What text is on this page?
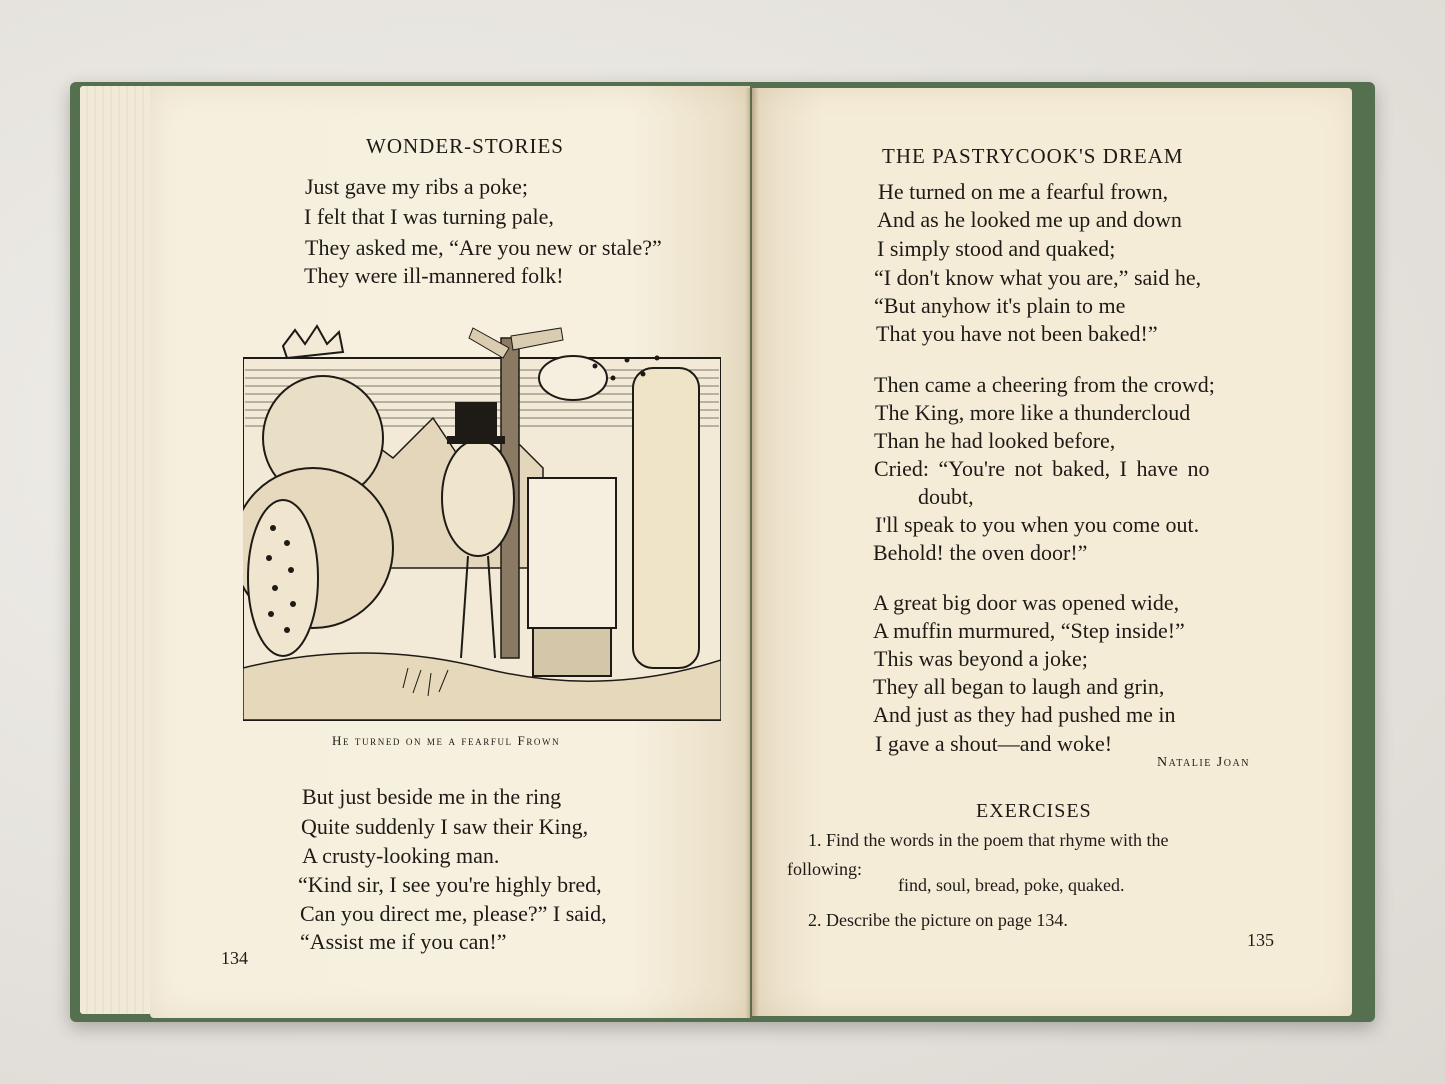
WONDER-STORIES
Just gave my ribs a poke;
I felt that I was turning pale,
They asked me, “Are you new or stale?”
They were ill-mannered folk!
He turned on me a fearful Frown
But just beside me in the ring
Quite suddenly I saw their King,
A crusty-looking man.
“Kind sir, I see you're highly bred,
Can you direct me, please?” I said,
“Assist me if you can!”
134
THE PASTRYCOOK'S DREAM
He turned on me a fearful frown,
And as he looked me up and down
I simply stood and quaked;
“I don't know what you are,” said he,
“But anyhow it's plain to me
That you have not been baked!”
Then came a cheering from the crowd;
The King, more like a thundercloud
Than he had looked before,
Cried: “You're not baked, I have no
doubt,
I'll speak to you when you come out.
Behold! the oven door!”
A great big door was opened wide,
A muffin murmured, “Step inside!”
This was beyond a joke;
They all began to laugh and grin,
And just as they had pushed me in
I gave a shout—and woke!
Natalie Joan
EXERCISES
1. Find the words in the poem that rhyme with the
following:
find, soul, bread, poke, quaked.
2. Describe the picture on page 134.
135
